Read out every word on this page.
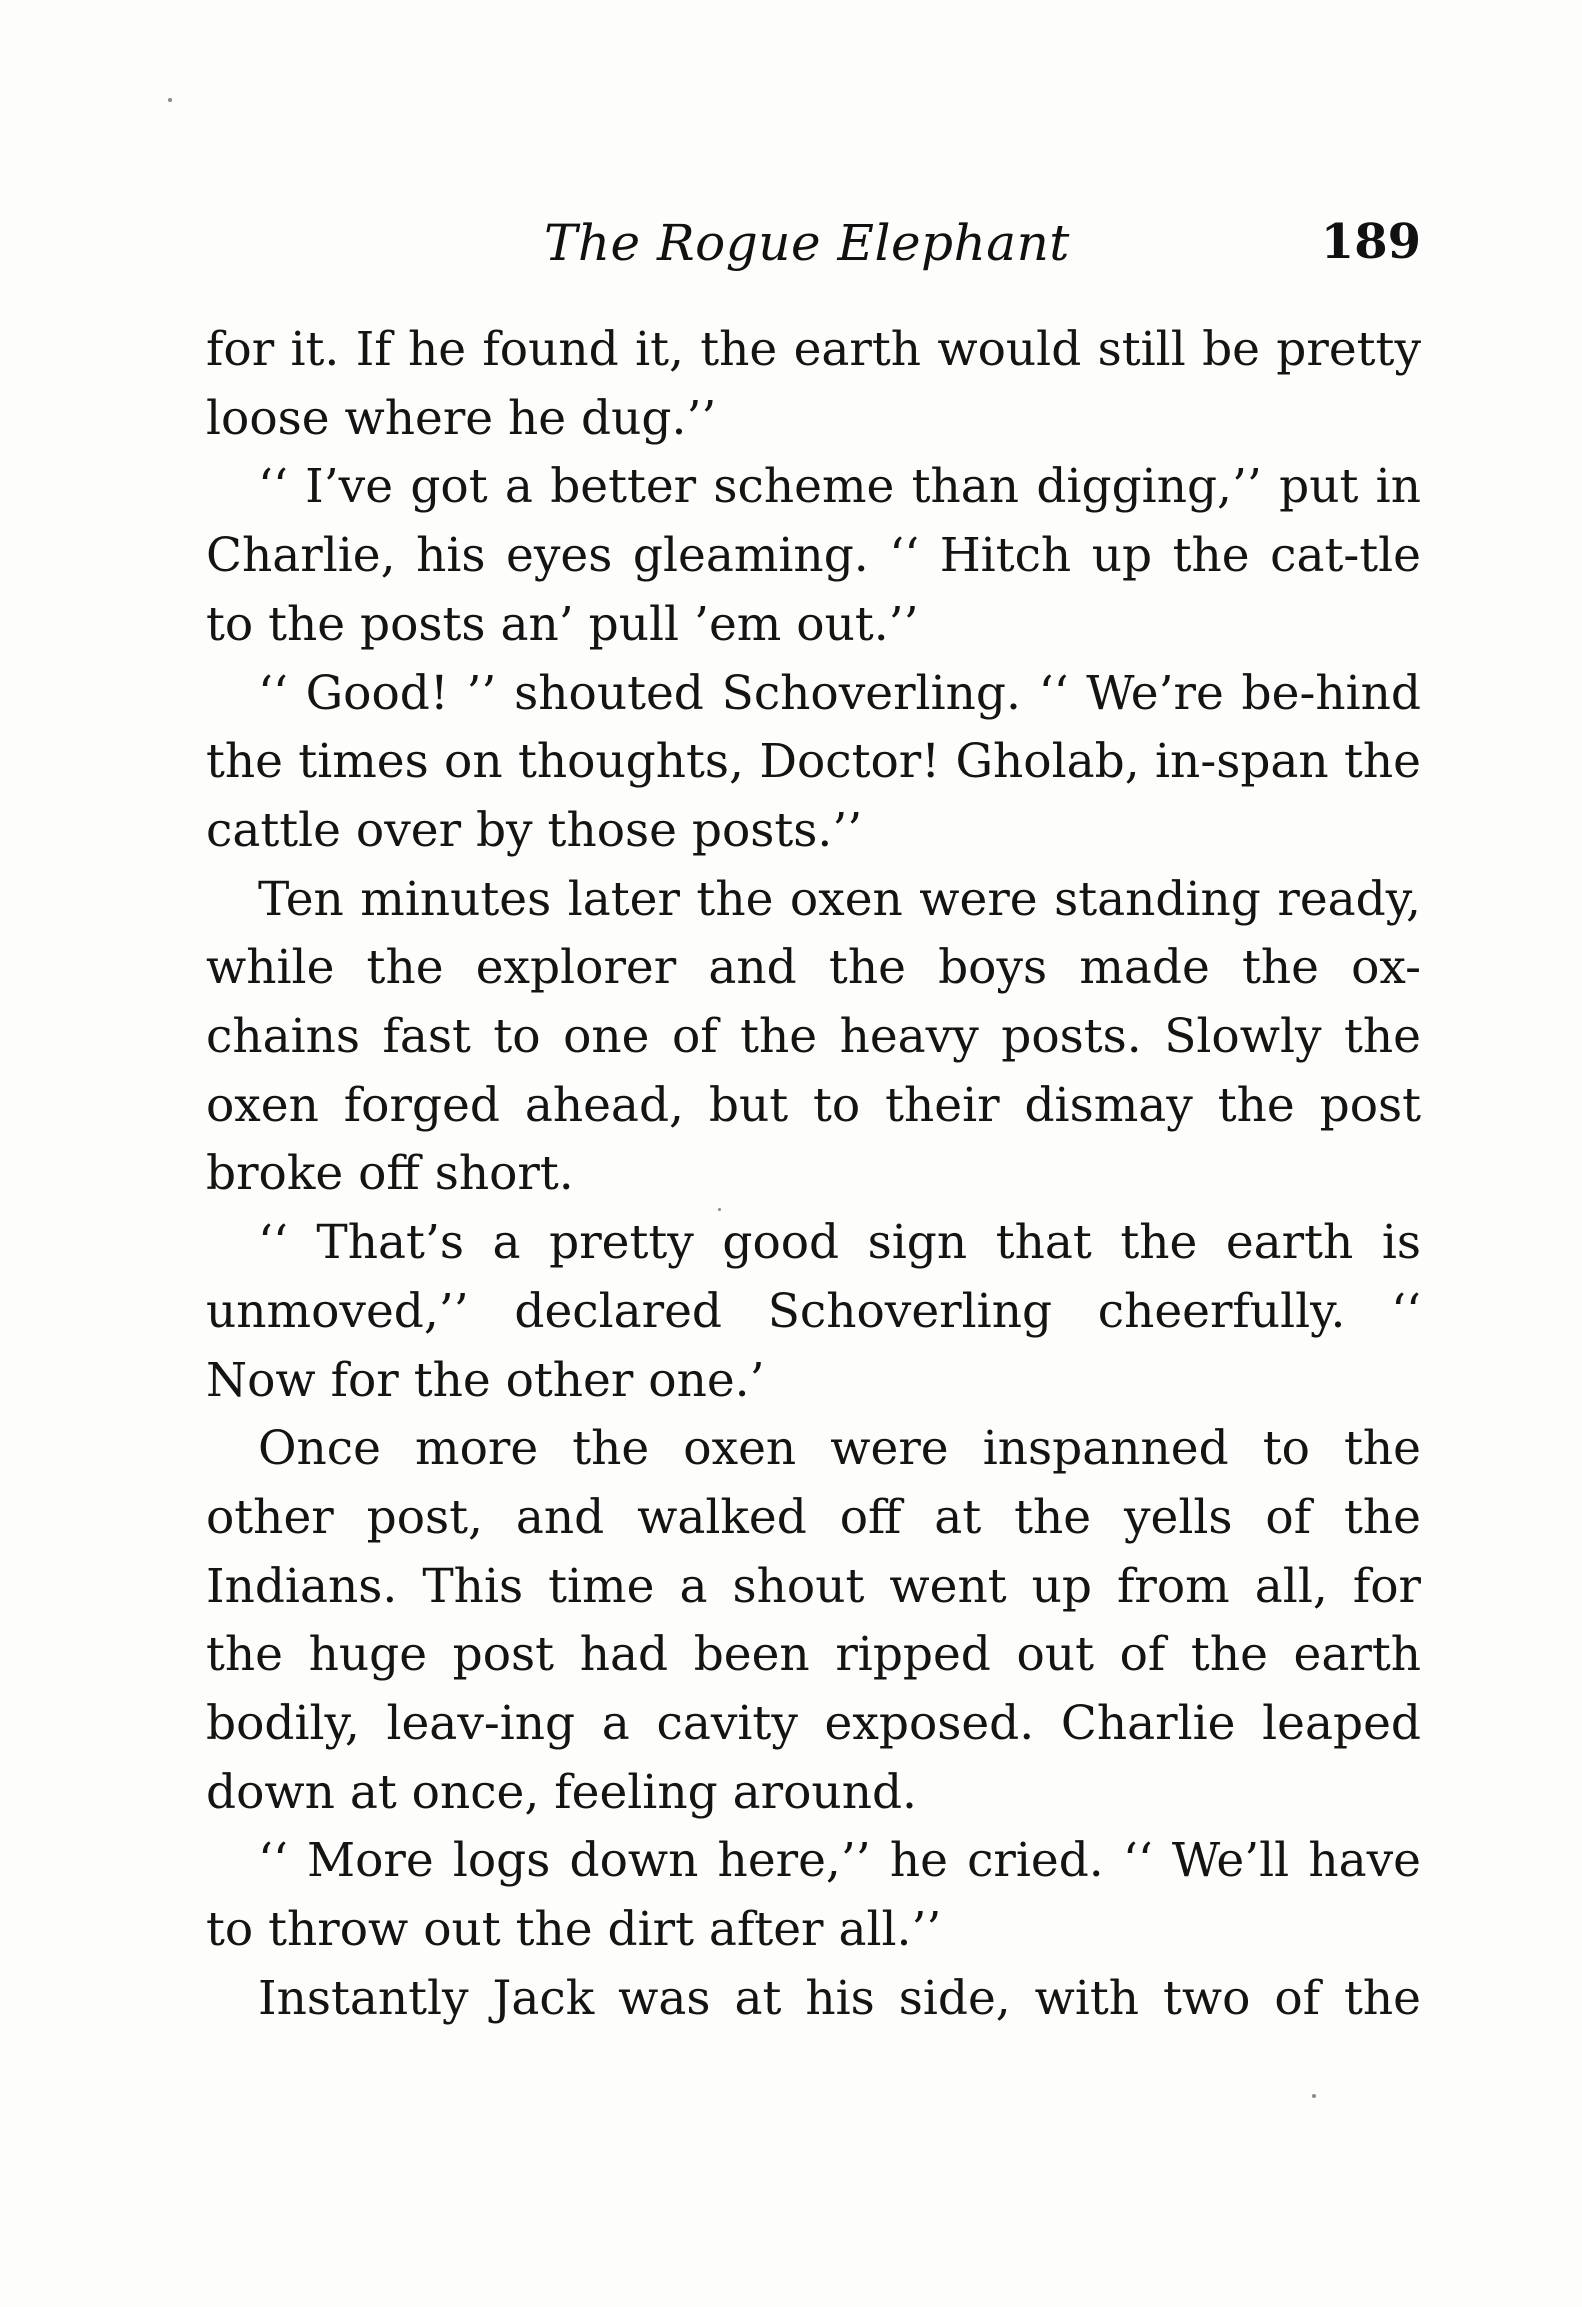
The Rogue Elephant	189

for it. If he found it, the earth would still be pretty loose where he dug.’’

‘‘ I’ve got a better scheme than digging,’’ put in Charlie, his eyes gleaming. ‘‘ Hitch up the cat-tle to the posts an’ pull ’em out.’’

‘‘ Good! ’’ shouted Schoverling. ‘‘ We’re be-hind the times on thoughts, Doctor! Gholab, in-span the cattle over by those posts.’’

Ten minutes later the oxen were standing ready, while the explorer and the boys made the ox-chains fast to one of the heavy posts. Slowly the oxen forged ahead, but to their dismay the post broke off short.

‘‘ That’s a pretty good sign that the earth is unmoved,’’ declared Schoverling cheerfully. ‘‘ Now for the other one.’

Once more the oxen were inspanned to the other post, and walked off at the yells of the Indians. This time a shout went up from all, for the huge post had been ripped out of the earth bodily, leav-ing a cavity exposed. Charlie leaped down at once, feeling around.

‘‘ More logs down here,’’ he cried. ‘‘ We’ll have to throw out the dirt after all.’’

Instantly Jack was at his side, with two of the
